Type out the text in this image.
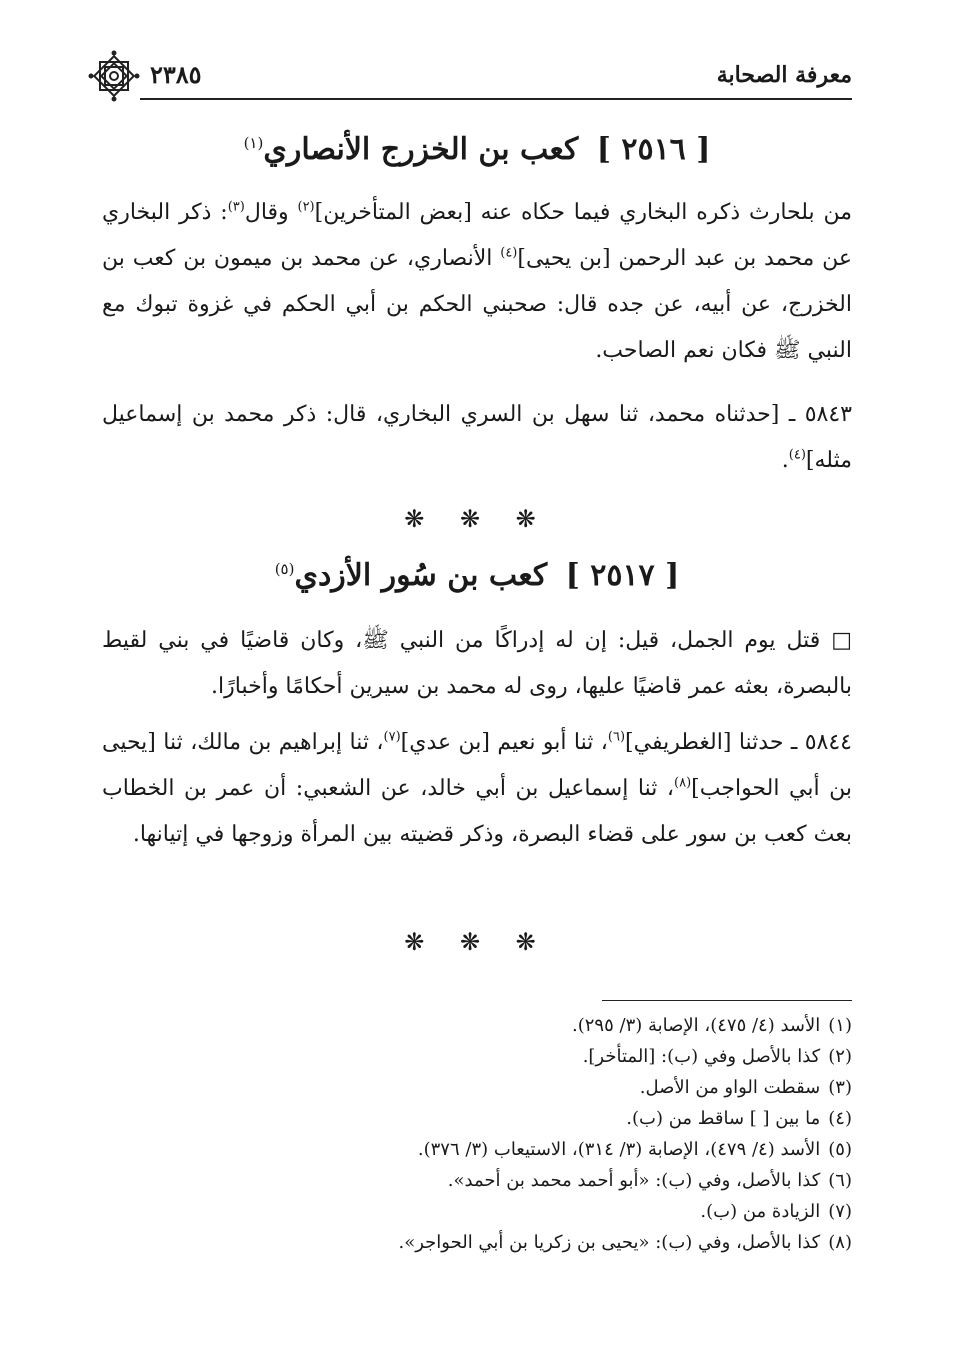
معرفة الصحابة
٢٣٨٥
[ ٢٥١٦ ] كعب بن الخزرج الأنصاري$^{(١)}$
من بلحارث ذكره البخاري فيما حكاه عنه [بعض المتأخرين]$^{(٢)}$ وقال$^{(٣)}$: ذكر البخاري عن محمد بن عبد الرحمن [بن يحيى]$^{(٤)}$ الأنصاري، عن محمد بن ميمون بن كعب بن الخزرج، عن أبيه، عن جده قال: صحبني الحكم بن أبي الحكم في غزوة تبوك مع النبي ﷺ فكان نعم الصاحب.
٥٨٤٣ ـ [حدثناه محمد، ثنا سهل بن السري البخاري، قال: ذكر محمد بن إسماعيل مثله]$^{(٤)}$.
❋ ❋ ❋
[ ٢٥١٧ ] كعب بن سُور الأزدي$^{(٥)}$
□ قتل يوم الجمل، قيل: إن له إدراكًا من النبي ﷺ، وكان قاضيًا في بني لقيط بالبصرة، بعثه عمر قاضيًا عليها، روى له محمد بن سيرين أحكامًا وأخبارًا.
٥٨٤٤ ـ حدثنا [الغطريفي]$^{(٦)}$، ثنا أبو نعيم [بن عدي]$^{(٧)}$، ثنا إبراهيم بن مالك، ثنا [يحيى بن أبي الحواجب]$^{(٨)}$، ثنا إسماعيل بن أبي خالد، عن الشعبي: أن عمر بن الخطاب بعث كعب بن سور على قضاء البصرة، وذكر قضيته بين المرأة وزوجها في إتيانها.
❋ ❋ ❋
(١)الأسد (٤/ ٤٧٥)، الإصابة (٣/ ٢٩٥).
(٢)كذا بالأصل وفي (ب): [المتأخر].
(٣)سقطت الواو من الأصل.
(٤)ما بين [ ] ساقط من (ب).
(٥)الأسد (٤/ ٤٧٩)، الإصابة (٣/ ٣١٤)، الاستيعاب (٣/ ٣٧٦).
(٦)كذا بالأصل، وفي (ب): «أبو أحمد محمد بن أحمد».
(٧)الزيادة من (ب).
(٨)كذا بالأصل، وفي (ب): «يحيى بن زكريا بن أبي الحواجر».
